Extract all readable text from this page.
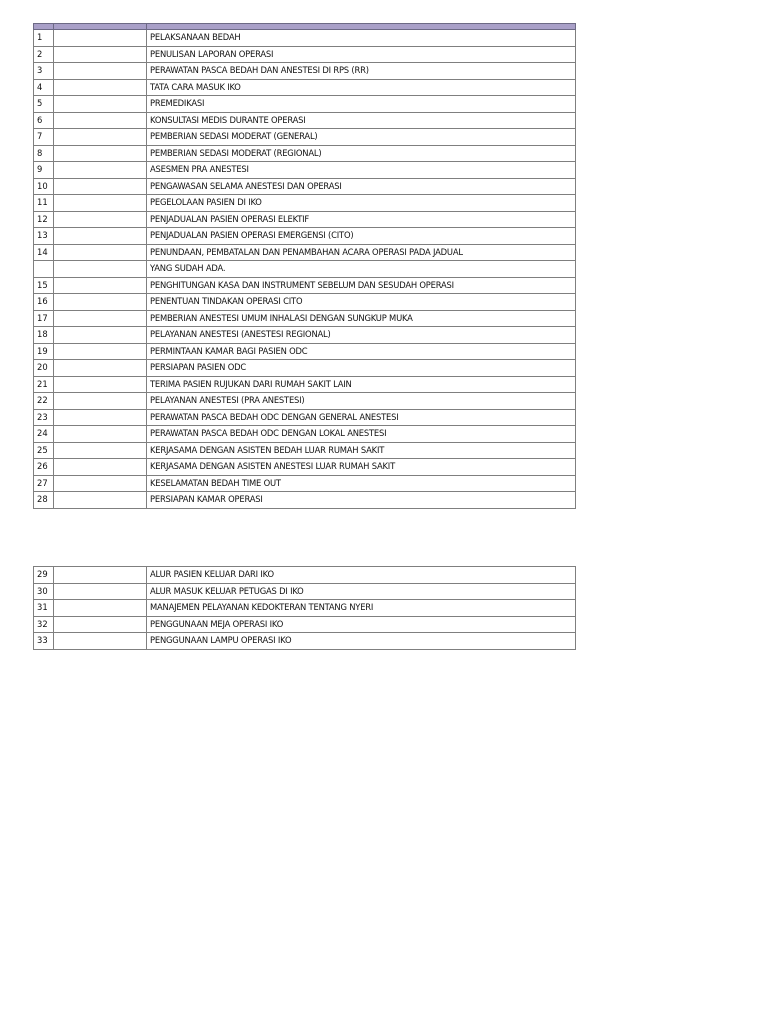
1		PELAKSANAAN BEDAH
2		PENULISAN LAPORAN OPERASI
3		PERAWATAN PASCA BEDAH DAN ANESTESI DI RPS (RR)
4		TATA CARA MASUK IKO
5		PREMEDIKASI
6		KONSULTASI MEDIS DURANTE OPERASI
7		PEMBERIAN SEDASI MODERAT (GENERAL)
8		PEMBERIAN SEDASI MODERAT (REGIONAL)
9		ASESMEN PRA ANESTESI
10		PENGAWASAN SELAMA ANESTESI DAN OPERASI
11		PEGELOLAAN PASIEN DI IKO
12		PENJADUALAN PASIEN OPERASI ELEKTIF
13		PENJADUALAN PASIEN OPERASI EMERGENSI (CITO)
14		PENUNDAAN, PEMBATALAN DAN PENAMBAHAN ACARA OPERASI PADA JADUAL
		YANG SUDAH ADA.
15		PENGHITUNGAN KASA DAN INSTRUMENT SEBELUM DAN SESUDAH OPERASI
16		PENENTUAN TINDAKAN OPERASI CITO
17		PEMBERIAN ANESTESI UMUM INHALASI DENGAN SUNGKUP MUKA
18		PELAYANAN ANESTESI (ANESTESI REGIONAL)
19		PERMINTAAN KAMAR BAGI PASIEN ODC
20		PERSIAPAN PASIEN ODC
21		TERIMA PASIEN RUJUKAN DARI RUMAH SAKIT LAIN
22		PELAYANAN ANESTESI (PRA ANESTESI)
23		PERAWATAN PASCA BEDAH ODC DENGAN GENERAL ANESTESI
24		PERAWATAN PASCA BEDAH ODC DENGAN LOKAL ANESTESI
25		KERJASAMA DENGAN ASISTEN BEDAH LUAR RUMAH SAKIT
26		KERJASAMA DENGAN ASISTEN ANESTESI LUAR RUMAH SAKIT
27		KESELAMATAN BEDAH TIME OUT
28		PERSIAPAN KAMAR OPERASI
29		ALUR PASIEN KELUAR DARI IKO
30		ALUR MASUK KELUAR PETUGAS DI IKO
31		MANAJEMEN PELAYANAN KEDOKTERAN TENTANG NYERI
32		PENGGUNAAN MEJA OPERASI IKO
33		PENGGUNAAN LAMPU OPERASI IKO
